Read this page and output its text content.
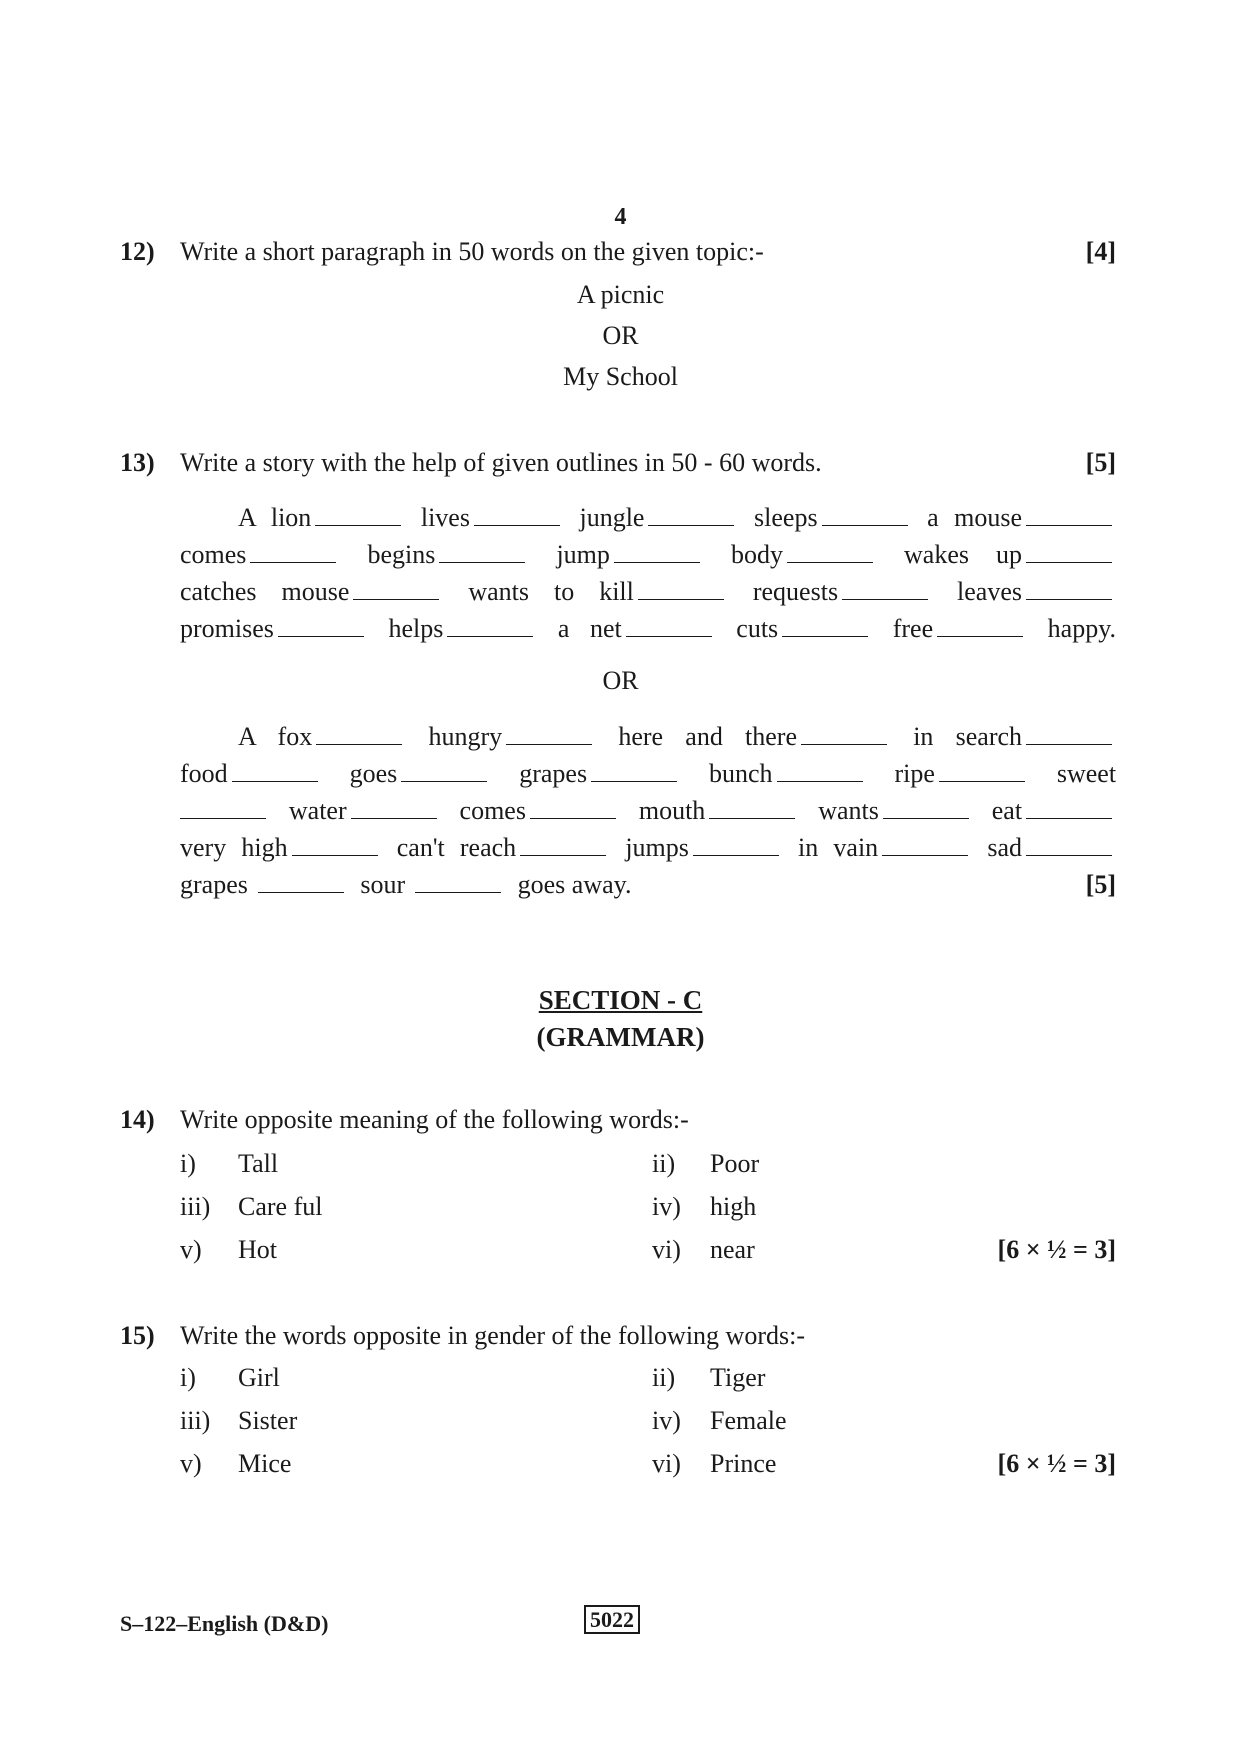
4
12) Write a short paragraph in 50 words on the given topic:-	[4]
A picnic
OR
My School
13) Write a story with the help of given outlines in 50 - 60 words.	[5]
A lion	lives	jungle	sleeps	a mouse
comes	begins	jump	body	wakes up
catches mouse	wants to kill	requests	leaves
promises	helps	a net	cuts	free	happy.
OR
A fox	hungry	here and there	in search
food	goes	grapes	bunch	ripe	sweet
water	comes	mouth	wants	eat
very high	can't reach	jumps	in vain	sad
grapes	sour	goes away.	[5]
SECTION - C
(GRAMMAR)
14) Write opposite meaning of the following words:-
i) Tall	ii) Poor
iii) Care ful	iv) high
v) Hot	vi) near	[6 × ½ = 3]
15) Write the words opposite in gender of the following words:-
i) Girl	ii) Tiger
iii) Sister	iv) Female
v) Mice	vi) Prince	[6 × ½ = 3]
S–122–English (D&D)	5022
